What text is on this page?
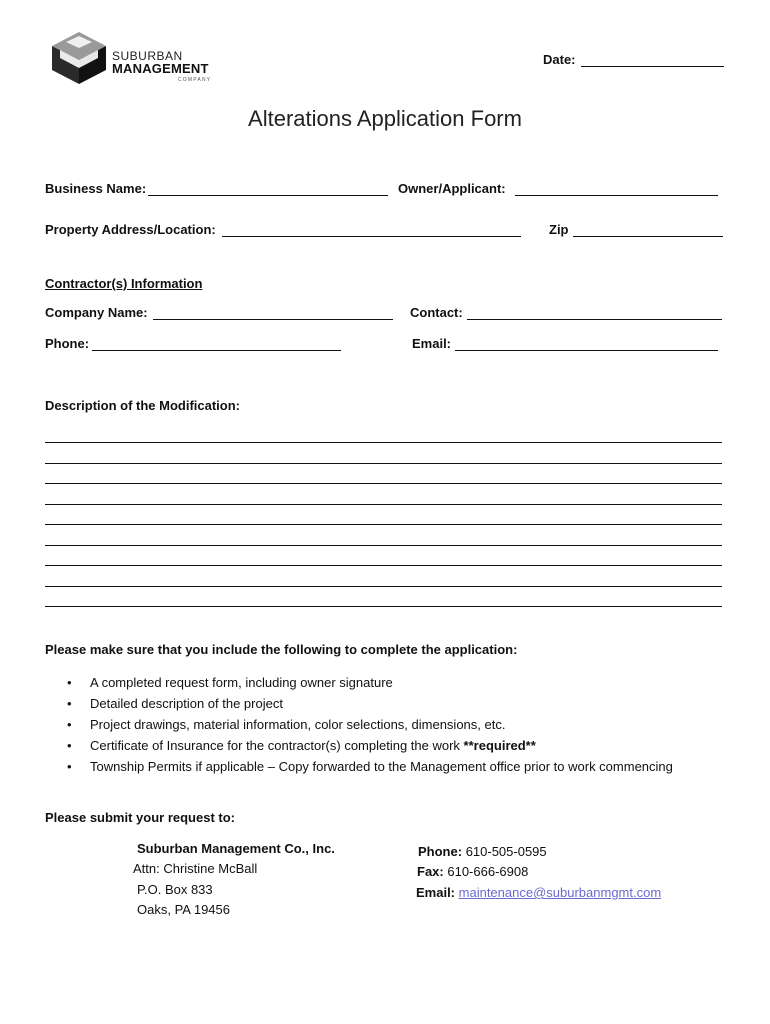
SUBURBAN
MANAGEMENT
COMPANY
Date:
Alterations Application Form
Business Name:	Owner/Applicant:
Property Address/Location:	Zip
Contractor(s) Information
Company Name:	Contact:
Phone:	Email:
Description of the Modification:
Please make sure that you include the following to complete the application:
• A completed request form, including owner signature
• Detailed description of the project
• Project drawings, material information, color selections, dimensions, etc.
• Certificate of Insurance for the contractor(s) completing the work **required**
• Township Permits if applicable – Copy forwarded to the Management office prior to work commencing
Please submit your request to:
Suburban Management Co., Inc.
Attn: Christine McBall
P.O. Box 833
Oaks, PA 19456
Phone: 610-505-0595
Fax: 610-666-6908
Email: maintenance@suburbanmgmt.com
